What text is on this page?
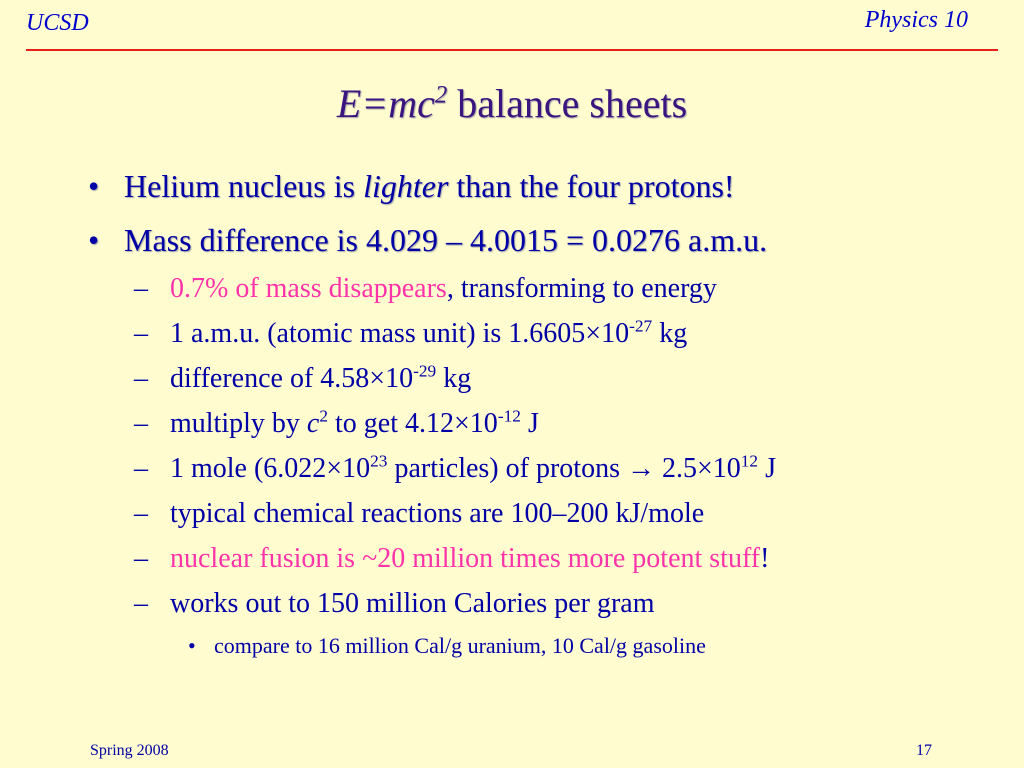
UCSD	Physics 10
$E=mc^2$ balance sheets
• Helium nucleus is lighter than the four protons!
• Mass difference is 4.029 – 4.0015 = 0.0276 a.m.u.
– 0.7% of mass disappears, transforming to energy
– 1 a.m.u. (atomic mass unit) is $1.6605\times 10^{-27}$ kg
– difference of $4.58\times 10^{-29}$ kg
– multiply by $c^2$ to get $4.12\times 10^{-12}$ J
– 1 mole ($6.022\times 10^{23}$ particles) of protons → $2.5\times 10^{12}$ J
– typical chemical reactions are 100–200 kJ/mole
– nuclear fusion is ~20 million times more potent stuff!
– works out to 150 million Calories per gram
• compare to 16 million Cal/g uranium, 10 Cal/g gasoline
Spring 2008	17
